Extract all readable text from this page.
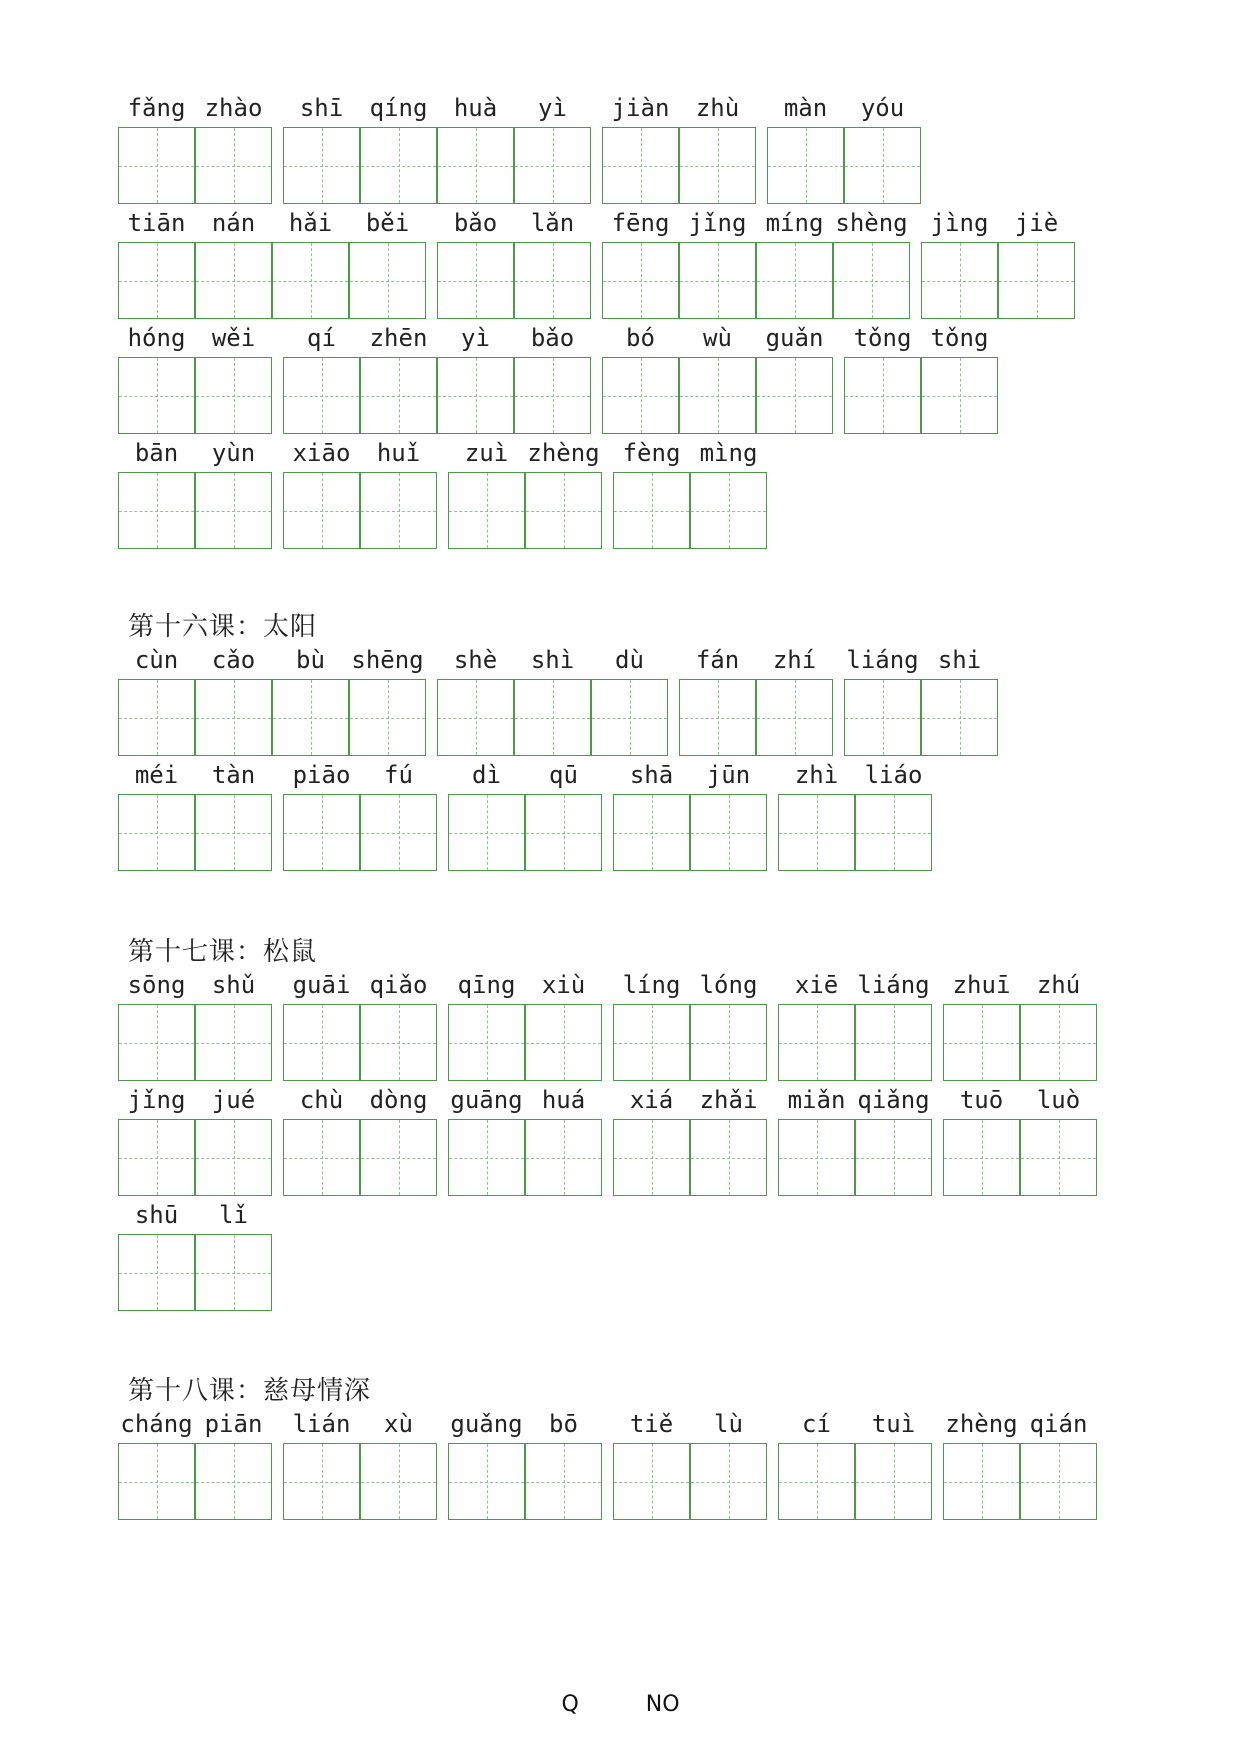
fǎng zhào	shī	qíng	huà	yì	jiàn	zhù	màn	yóu
tiān	nán	hǎi	běi	bǎo	lǎn	fēng jǐng míng shèng jìng	jiè
hóng	wěi	qí	zhēn	yì	bǎo	bó	wù	guǎn	tǒng tǒng
bān	yùn	xiāo	huǐ	zuì zhèng fèng mìng
第十六课：太阳
cùn	cǎo	bù	shēng	shè	shì	dù	fán	zhí	liáng shi
méi	tàn	piāo	fú	dì	qū	shā	jūn	zhì	liáo
第十七课：松鼠
sōng	shǔ	guāi qiǎo	qīng	xiù	líng lóng	xiē liáng zhuī	zhú
jǐng	jué	chù	dòng guāng huá	xiá	zhǎi	miǎn qiǎng	tuō	luò
shū	lǐ
第十八课：慈母情深
cháng piān	lián	xù	guǎng	bō	tiě	lù	cí	tuì	zhèng qián
Q NO
